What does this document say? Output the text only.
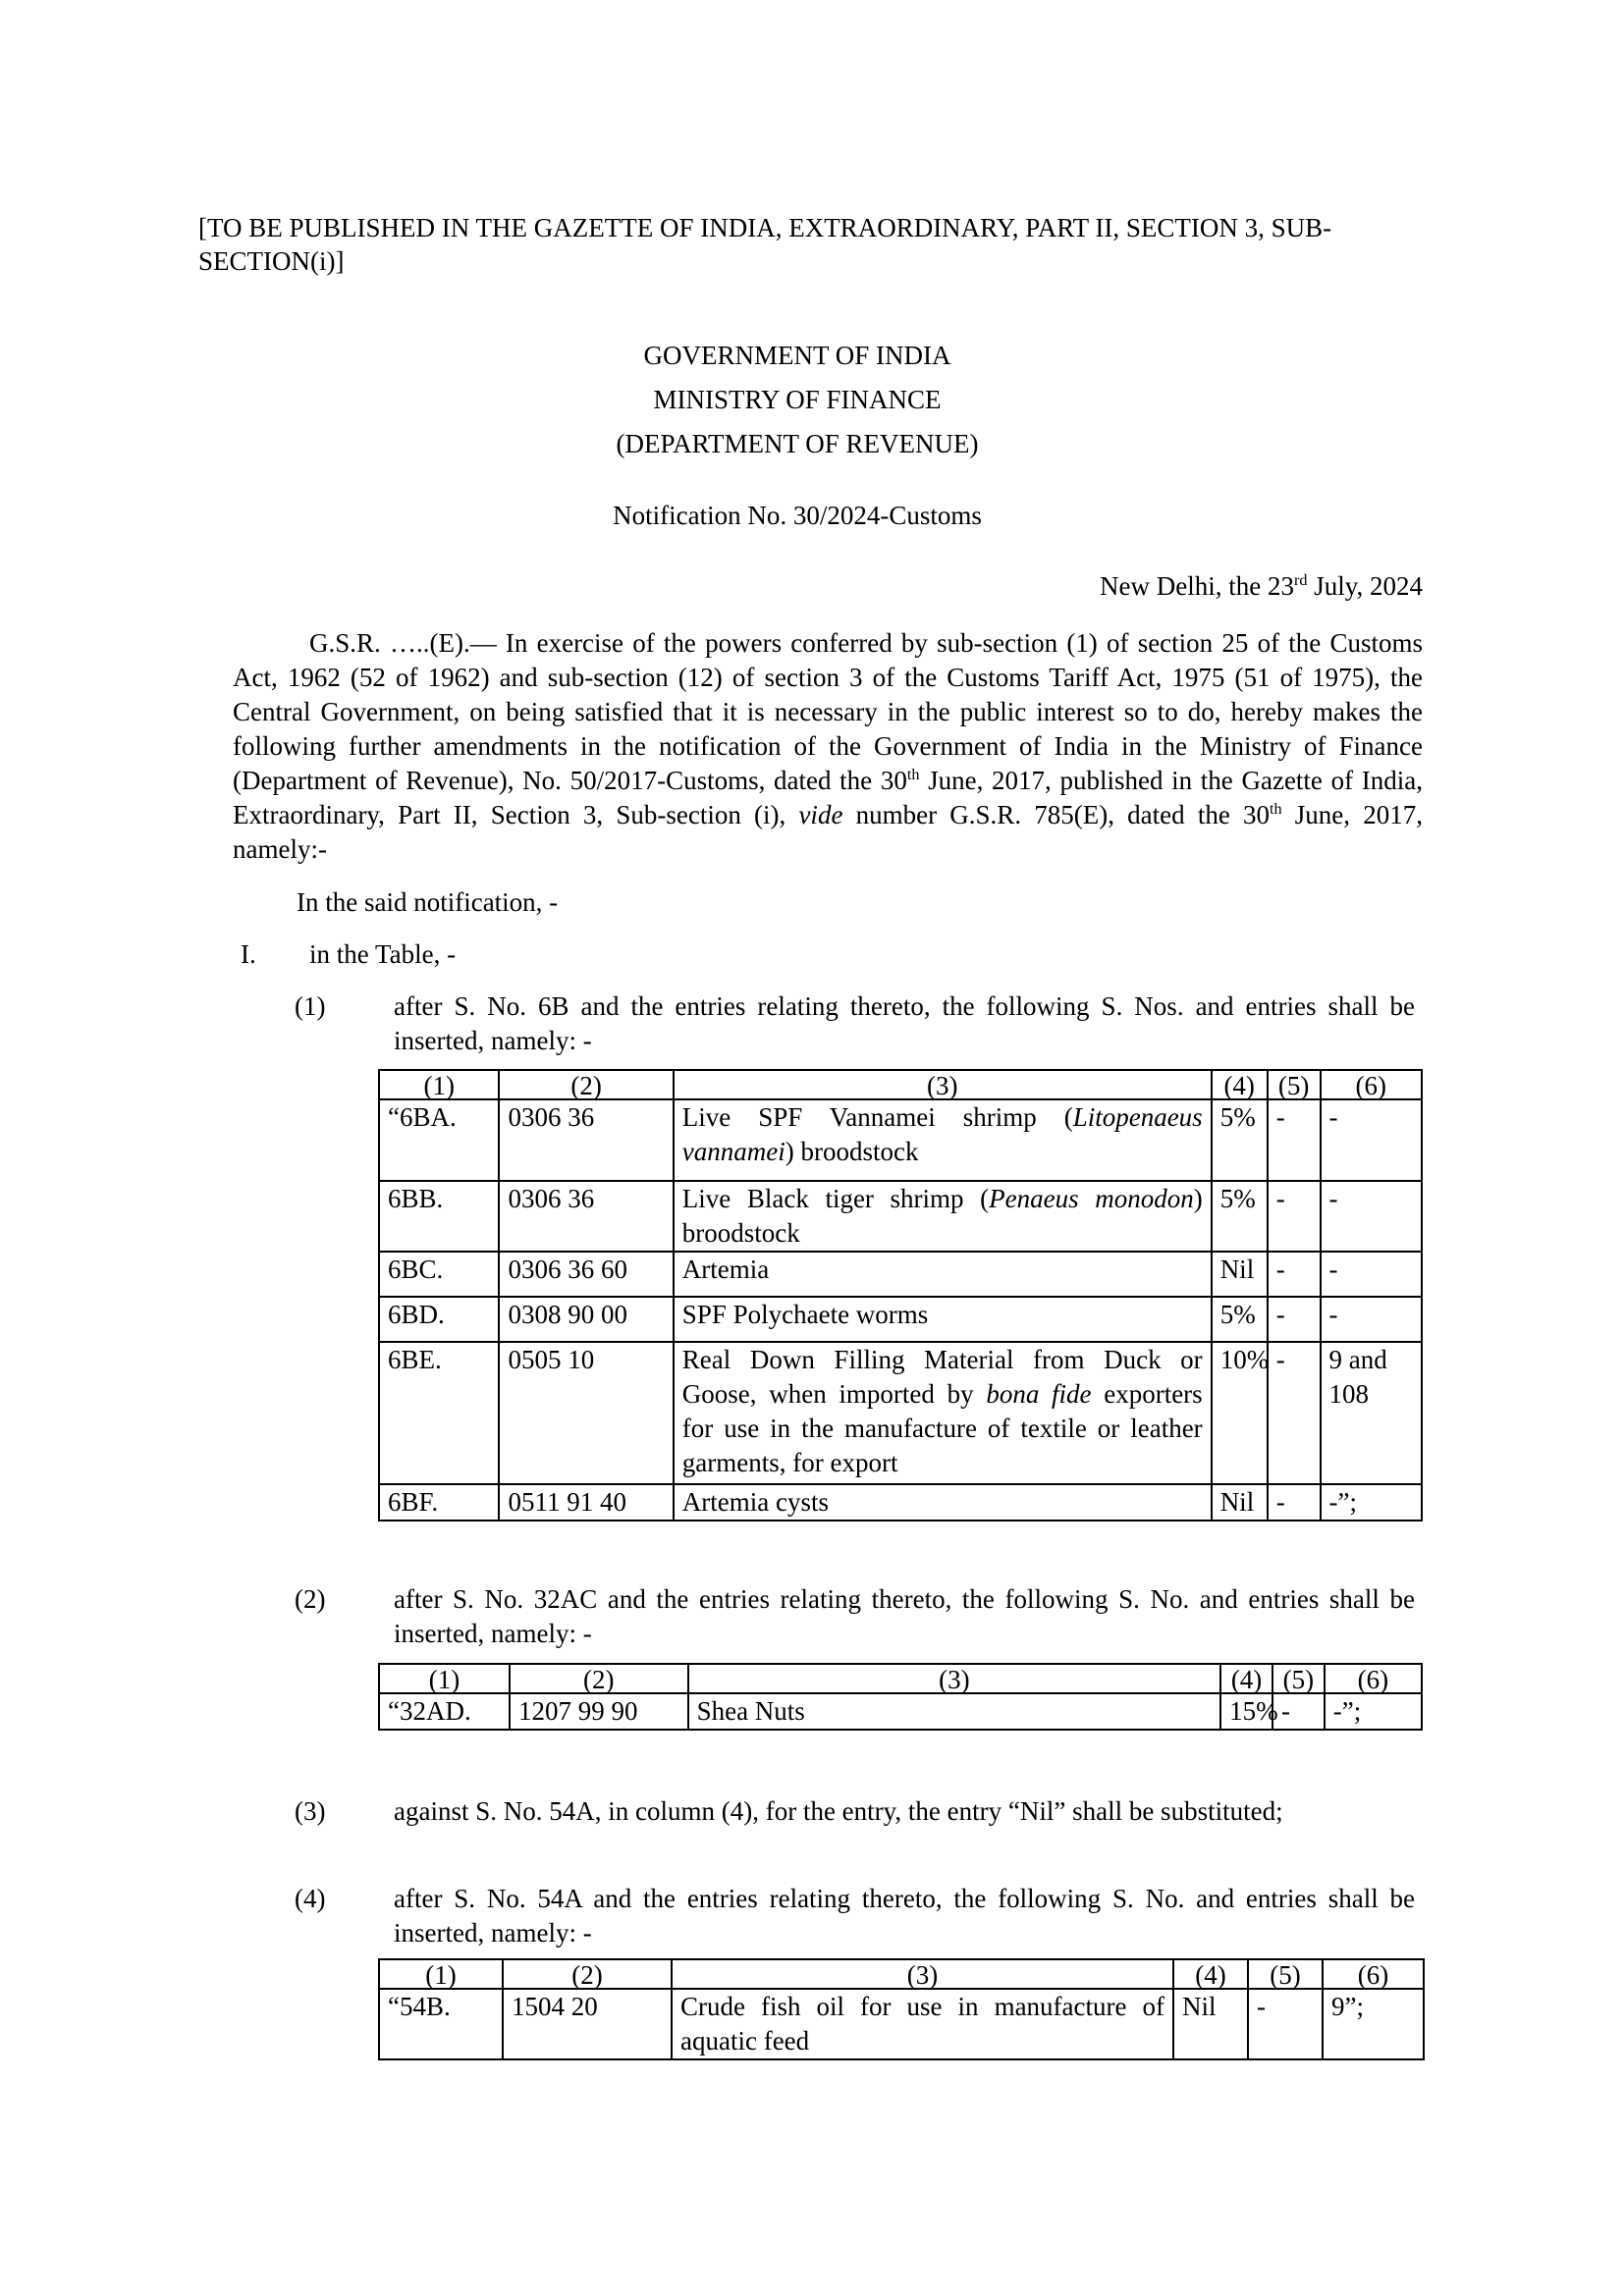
[TO BE PUBLISHED IN THE GAZETTE OF INDIA, EXTRAORDINARY, PART II, SECTION 3, SUB-SECTION(i)]
GOVERNMENT OF INDIA
MINISTRY OF FINANCE
(DEPARTMENT OF REVENUE)
Notification No. 30/2024-Customs
New Delhi, the 23rd July, 2024
G.S.R. …..(E).— In exercise of the powers conferred by sub-section (1) of section 25 of the Customs Act, 1962 (52 of 1962) and sub-section (12) of section 3 of the Customs Tariff Act, 1975 (51 of 1975), the Central Government, on being satisfied that it is necessary in the public interest so to do, hereby makes the following further amendments in the notification of the Government of India in the Ministry of Finance (Department of Revenue), No. 50/2017-Customs, dated the 30th June, 2017, published in the Gazette of India, Extraordinary, Part II, Section 3, Sub-section (i), vide number G.S.R. 785(E), dated the 30th June, 2017, namely:-
In the said notification, -
I. in the Table, -
(1)	after S. No. 6B and the entries relating thereto, the following S. Nos. and entries shall be inserted, namely: -
(1)	(2)	(3)	(4)	(5)	(6)
“6BA.	0306 36	Live SPF Vannamei shrimp (Litopenaeus vannamei) broodstock	5%	-	-
6BB.	0306 36	Live Black tiger shrimp (Penaeus monodon) broodstock	5%	-	-
6BC.	0306 36 60	Artemia	Nil	-	-
6BD.	0308 90 00	SPF Polychaete worms	5%	-	-
6BE.	0505 10	Real Down Filling Material from Duck or Goose, when imported by bona fide exporters for use in the manufacture of textile or leather garments, for export	10%	-	9 and 108
6BF.	0511 91 40	Artemia cysts	Nil	-	-”;
(2)	after S. No. 32AC and the entries relating thereto, the following S. No. and entries shall be inserted, namely: -
(1)	(2)	(3)	(4)	(5)	(6)
“32AD.	1207 99 90	Shea Nuts	15%	-	-”;
(3)	against S. No. 54A, in column (4), for the entry, the entry “Nil” shall be substituted;
(4)	after S. No. 54A and the entries relating thereto, the following S. No. and entries shall be inserted, namely: -
(1)	(2)	(3)	(4)	(5)	(6)
“54B.	1504 20	Crude fish oil for use in manufacture of aquatic feed	Nil	-	9”;
